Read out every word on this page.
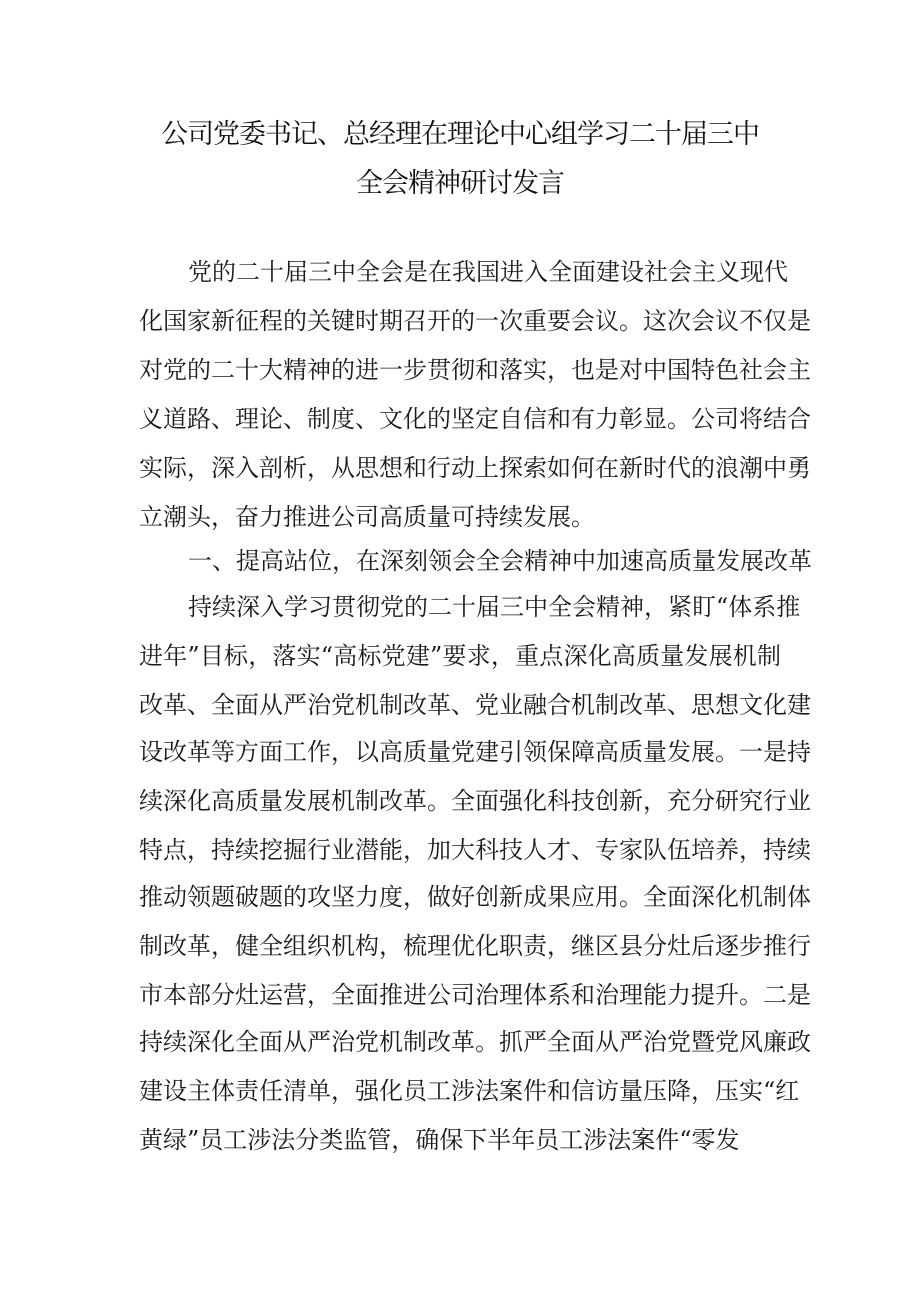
公司党委书记、总经理在理论中心组学习二十届三中
全会精神研讨发言
党的二十届三中全会是在我国进入全面建设社会主义现代
化国家新征程的关键时期召开的一次重要会议。这次会议不仅是
对党的二十大精神的进一步贯彻和落实，也是对中国特色社会主
义道路、理论、制度、文化的坚定自信和有力彰显。公司将结合
实际，深入剖析，从思想和行动上探索如何在新时代的浪潮中勇
立潮头，奋力推进公司高质量可持续发展。
一、提高站位，在深刻领会全会精神中加速高质量发展改革
持续深入学习贯彻党的二十届三中全会精神，紧盯“体系推
进年”目标，落实“高标党建”要求，重点深化高质量发展机制
改革、全面从严治党机制改革、党业融合机制改革、思想文化建
设改革等方面工作，以高质量党建引领保障高质量发展。一是持
续深化高质量发展机制改革。全面强化科技创新，充分研究行业
特点，持续挖掘行业潜能，加大科技人才、专家队伍培养，持续
推动领题破题的攻坚力度，做好创新成果应用。全面深化机制体
制改革，健全组织机构，梳理优化职责，继区县分灶后逐步推行
市本部分灶运营，全面推进公司治理体系和治理能力提升。二是
持续深化全面从严治党机制改革。抓严全面从严治党暨党风廉政
建设主体责任清单，强化员工涉法案件和信访量压降，压实“红
黄绿”员工涉法分类监管，确保下半年员工涉法案件“零发
